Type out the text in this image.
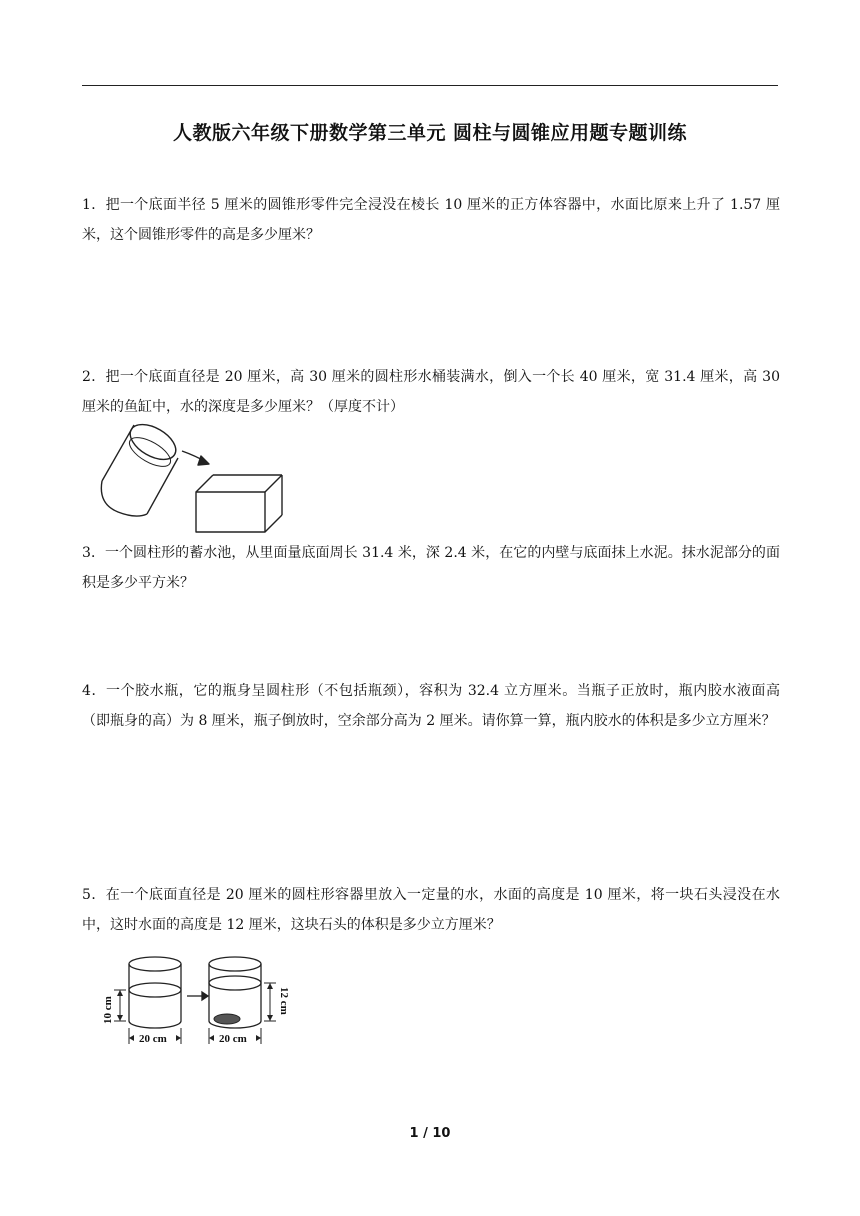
人教版六年级下册数学第三单元 圆柱与圆锥应用题专题训练
1．把一个底面半径 5 厘米的圆锥形零件完全浸没在棱长 10 厘米的正方体容器中，水面比原来上升了 1.57 厘米，这个圆锥形零件的高是多少厘米？
2．把一个底面直径是 20 厘米，高 30 厘米的圆柱形水桶装满水，倒入一个长 40 厘米，宽 31.4 厘米，高 30 厘米的鱼缸中，水的深度是多少厘米？（厚度不计）
3．一个圆柱形的蓄水池，从里面量底面周长 31.4 米，深 2.4 米，在它的内壁与底面抹上水泥。抹水泥部分的面积是多少平方米？
4．一个胶水瓶，它的瓶身呈圆柱形（不包括瓶颈），容积为 32.4 立方厘米。当瓶子正放时，瓶内胶水液面高（即瓶身的高）为 8 厘米，瓶子倒放时，空余部分高为 2 厘米。请你算一算，瓶内胶水的体积是多少立方厘米？
5．在一个底面直径是 20 厘米的圆柱形容器里放入一定量的水，水面的高度是 10 厘米，将一块石头浸没在水中，这时水面的高度是 12 厘米，这块石头的体积是多少立方厘米？
10 cm	12 cm
20 cm	20 cm
1 / 10
